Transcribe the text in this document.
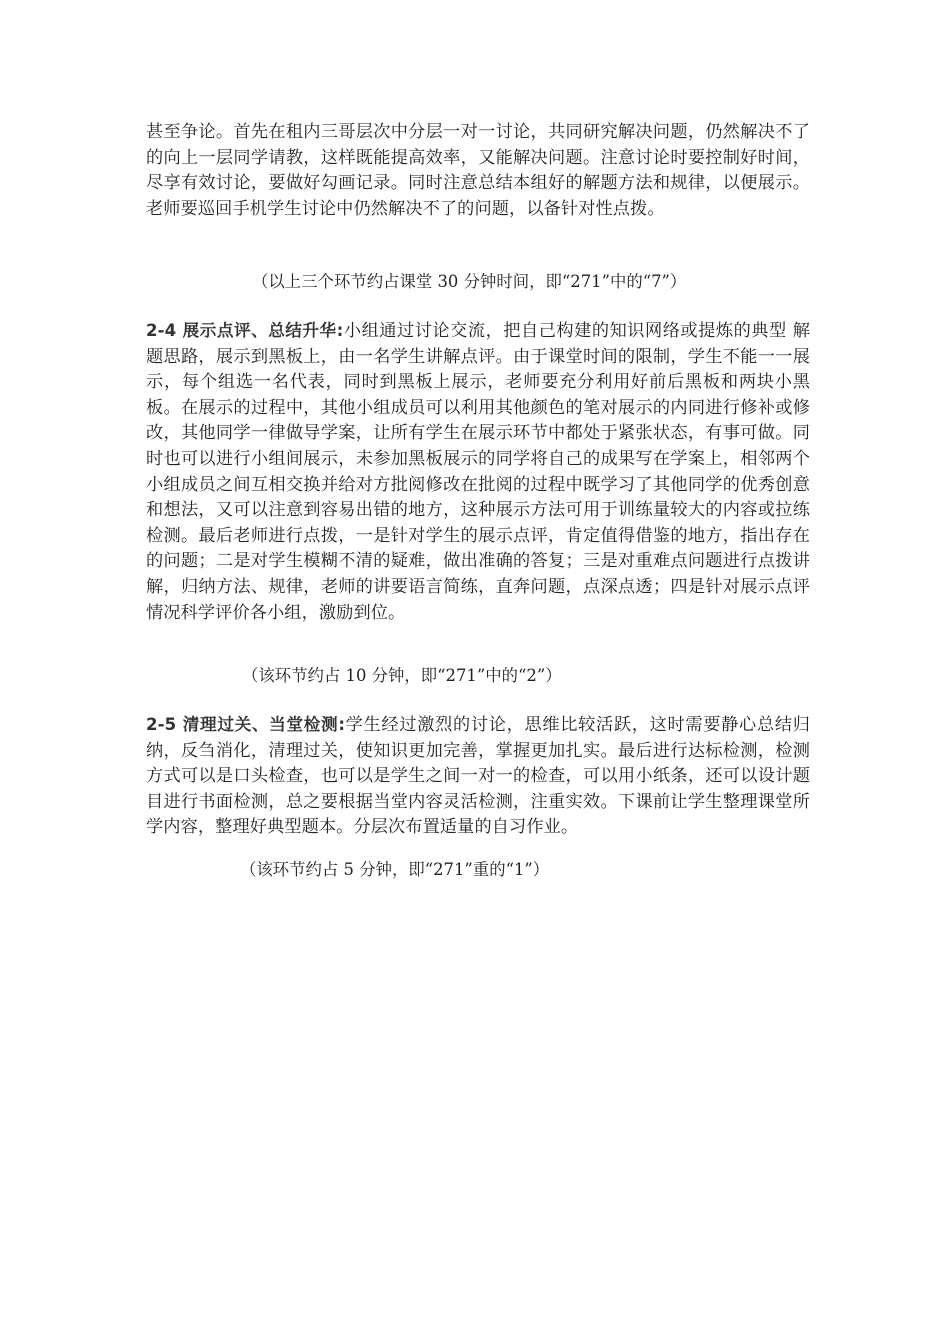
甚至争论。首先在租内三哥层次中分层一对一讨论，共同研究解决问题，仍然解决不了的向上一层同学请教，这样既能提高效率，又能解决问题。注意讨论时要控制好时间，尽享有效讨论，要做好勾画记录。同时注意总结本组好的解题方法和规律，以便展示。老师要巡回手机学生讨论中仍然解决不了的问题，以备针对性点拨。

（以上三个环节约占课堂 30 分钟时间，即“271”中的“7”）

2-4 展示点评、总结升华:小组通过讨论交流，把自己构建的知识网络或提炼的典型 解题思路，展示到黑板上，由一名学生讲解点评。由于课堂时间的限制，学生不能一一展示，每个组选一名代表，同时到黑板上展示，老师要充分利用好前后黑板和两块小黑板。在展示的过程中，其他小组成员可以利用其他颜色的笔对展示的内同进行修补或修改，其他同学一律做导学案，让所有学生在展示环节中都处于紧张状态，有事可做。同时也可以进行小组间展示，未参加黑板展示的同学将自己的成果写在学案上，相邻两个小组成员之间互相交换并给对方批阅修改在批阅的过程中既学习了其他同学的优秀创意和想法，又可以注意到容易出错的地方，这种展示方法可用于训练量较大的内容或拉练检测。最后老师进行点拨，一是针对学生的展示点评，肯定值得借鉴的地方，指出存在的问题；二是对学生模糊不清的疑难，做出准确的答复；三是对重难点问题进行点拨讲解，归纳方法、规律，老师的讲要语言简练，直奔问题，点深点透；四是针对展示点评情况科学评价各小组，激励到位。

（该环节约占 10 分钟，即“271”中的“2”）

2-5 清理过关、当堂检测:学生经过激烈的讨论，思维比较活跃，这时需要静心总结归纳，反刍消化，清理过关，使知识更加完善，掌握更加扎实。最后进行达标检测，检测方式可以是口头检查，也可以是学生之间一对一的检查，可以用小纸条，还可以设计题目进行书面检测，总之要根据当堂内容灵活检测，注重实效。下课前让学生整理课堂所学内容，整理好典型题本。分层次布置适量的自习作业。

（该环节约占 5 分钟，即“271”重的“1”）
